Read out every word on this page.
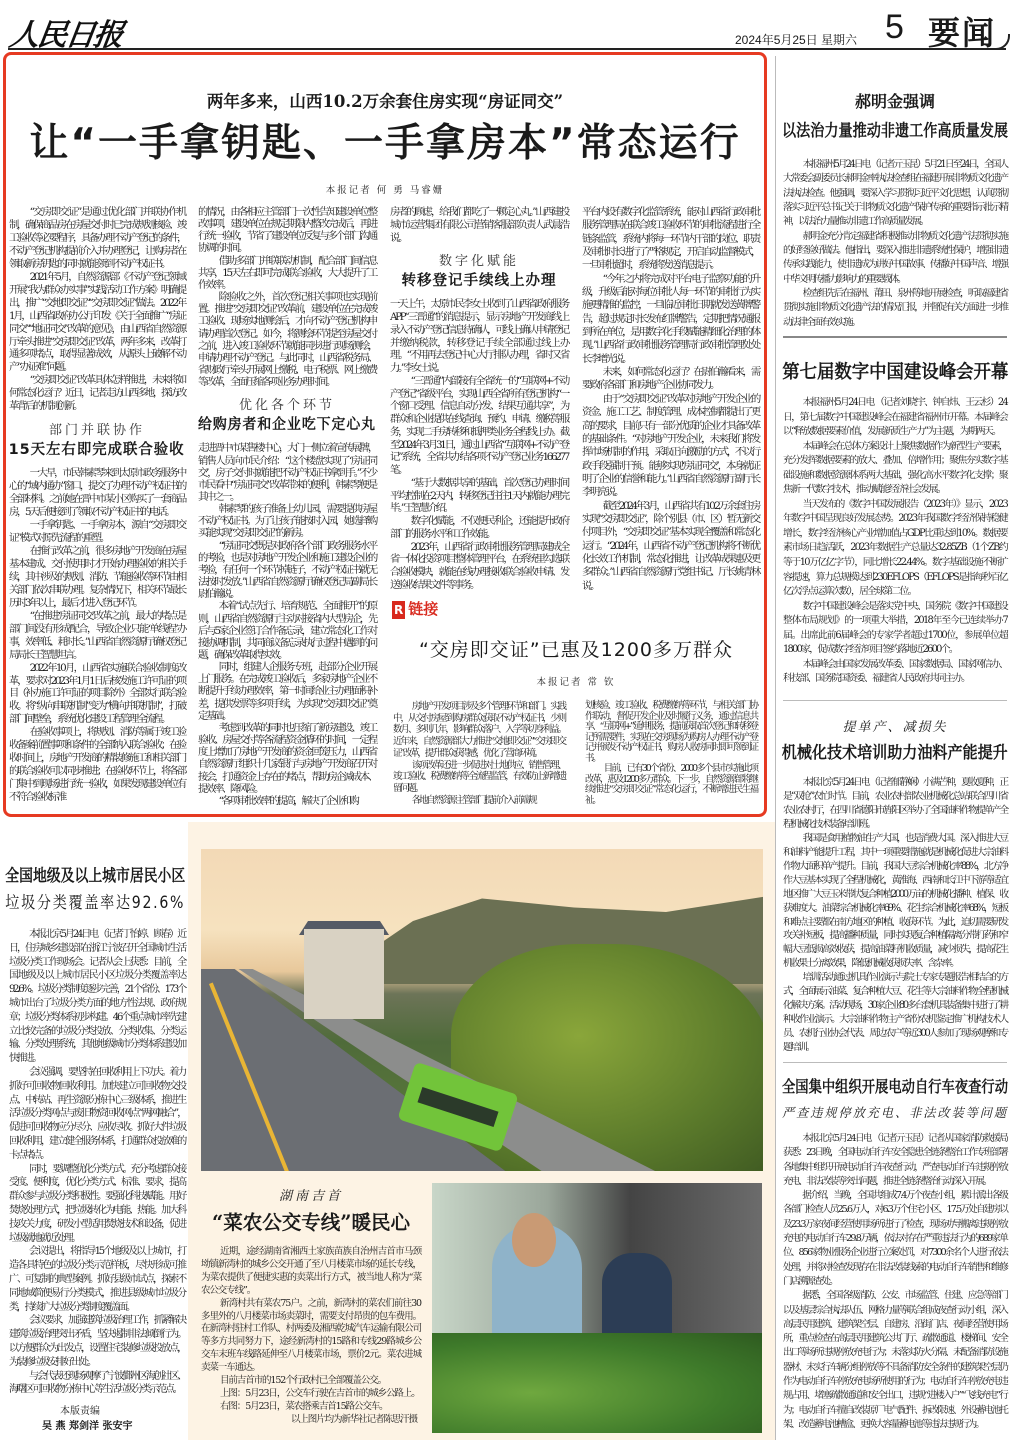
人民日报	2024年5月25日 星期六 5 要闻
两年多来，山西10.2万余套住房实现“房证同交”
让“一手拿钥匙、一手拿房本”常态运行
本报记者 何 勇 马睿姗

“交房即交证”是通过优化部门并联协作机制，确保商品房在房屋交付时已完成规划核验、竣工验收等必要程序，具备办理不动产登记的条件，不动产登记机构提前介入并办理登记，让购房者在领取新房钥匙的同时就能领到不动产权证书。

2021年5月，自然资源部《不动产登记领域开展“我为群众办实事”实践活动工作方案》明确提出，推广“交地即交证”“交房即交证”做法。2022年1月，山西省政府办公厅印发《关于全面推广“房证同交”“地证同交”改革的意见》，由山西省自然资源厅牵头推进“交房即交证”改革，两年多来，改革打通多项堵点，取得显著成效，从源头上破解不动产“办证难”问题。

“交房即交证”改革具体怎样推进，未来将如何常态化运行？近日，记者走访山西多地，探访改革背后的机制创新。

部门并联协作
15天左右即完成联合验收

一大早，市民韩素琴来到太原市政务服务中心的“域内通办”窗口，提交了办理不动产权证书的全部材料。之前她在晋中市某小区购买了一套商品房，5天后便接到了领取不动产权证书的电话。

一手拿钥匙、一手拿房本，源自“交房即交证”模式对原先流程的重塑。

在推行改革之前，很多房地产开发商在房屋基本建成、交付使用时才开始办理验收的相关手续，其中涉及的规划、消防、节能验收等环节由相关部门依次串联办理。复杂情况下，相关环节最长历时3年以上，最后才进入登记环节。

“在推进‘房证同交’改革之前，最大的堵点是部门间没有形成配合，导致企业只能‘单线程’办事，效率低、耗时长。”山西省自然资源厅确权登记局局长王智慧坦言。

2022年10月，山西省实施联合验收制度改革，要求对2023年1月1日后核发施工许可证的项目（补办施工许可证的项目除外）全部实行联合验收。将“纵向串联机制”变为“横向并联机制”，打破部门间壁垒，系统优化建设工程管理全流程。

在验收事项上，将规划、消防等属于竣工验收备案前置事项和条件的全部纳入联合验收；在验收时间上，房地产开发商的精装修施工和相关部门的联合验收可以同步推进；在验收环节上，将各部门集中到现场进行统一验收，如果发现建设单位有不符合验收标准

的情况，由各相应主管部门一次性告知建设单位整改事项，建设单位在规定期限内整改完成后，再进行统一验收，节省了建设单位反复与多个部门沟通协调的时间。

借助多部门并联联动机制，配合部门间信息共享，15天左右即可完成联合验收，大大提升了工作效率。

除验收之外，首次登记相关事项也实现前置。推进“交房即交证”改革前，建设单位在完成竣工验收、现场实地测绘后，才向不动产登记机构申请办理首次登记。如今，将测绘环节提至房屋交付之前，进入竣工验收环节就能同步进行现场测绘，申请办理不动产登记。与此同时，山西省税务局、省财政厅牵头开展网上缴税、电子税票、网上缴费等改革，全面压缩各项业务办理时间。

优化各个环节
给购房者和企业吃下定心丸

走进晋中市某售楼中心，大门一侧立着宣传展牌，销售人员向市民介绍：“这个楼盘实现了‘房证同交’，房子交付时就能把不动产权证书拿到手。”不少市民看中“房证同交”改革带来的便利，韩素琴便是其中之一。

韩素琴的孩子准备上幼儿园，需要提供房屋不动产权证书。为了让孩子能按时入园，她选择购买能实现“交房即交证”的新房。

“‘房证同交’既是对政府各个部门政务服务水平的考验，也是对房地产开发企业和施工建设企业的考验，有任何一个环节掉链子，不动产权证书就无法按时发放。”山西省自然资源厅确权登记局副局长尉伯瀚说。

本着“试点先行、培育规范、全面推开”的原则，山西省自然资源厅主动对接省内大型房企，先后与5家企业签订合作备忘录，建立常态化工作对接协调机制，共同商议备忘录执行过程中遇到的问题，确保改革取得实效。

同时，组建人企服务专班，赴部分企业开展上门服务。在完成竣工验收后，多家房地产企业不断提升手续办理效率，第一时间给业主办理面积补差，提供发票等多项手续，为实现“交房即交证”奠定基础。

考虑到改革的同时也压缩了新房建设、竣工验收、房屋交付等各流程资金循环的时间，一定程度上增加了房地产开发商的资金回笼压力，山西省自然资源厅组织十几家银行与房地产开发商召开对接会，打通资金上存在的堵点，帮助房企减成本、提效率、降风险。

“各项审批效率的提高，解决了企业和购

房者的顾虑，给我们都吃了一颗定心丸。”山西建投城市运营集团有限公司营销客服部负责人武晨浩说。

数字化赋能
转移登记手续线上办理

一天上午，太原市民李女士收到了山西省政府服务APP“三晋通”的消息提示，显示房地产开发商线上录入不动产登记信息待确认，可线上确认申请登记并缴纳税款，转移登记手续全部通过线上办理。“不用再去登记中心大厅排队办理，省时又省力。”李女士说。

“三晋通”内部接有全省统一的“互联网+不动产登记”省级平台，实现山西全省所有登记机构“一个窗口受理、信息自动分发、结果互通共享”，为群众和企业提供在线查询、预约、申请、缴税等服务，实现二手房转移和抵押类业务全程线上办。截至2024年3月31日，通过山西省“互联网+不动产登记”系统，全省共办结各项不动产登记业务166277笔。

“基于大数据共享的基础，首次登记办理时间平均控制在2天内，转移登记往往1天内就能办理完毕。”王智慧介绍。

数字化赋能，不仅便民利企，还能提升政府部门的服务水平和工作效能。

2023年，山西省行政审批服务管理局建成全省一体化投资项目整体管理平台，在系统里勾选联合验收模块，就能在线办理接收联合验收申请、发送验收结果文件等事务。

平台内设有数字化监管系统，能对山西省行政审批服务管理局在联合竣工验收环节的审批流程进行全链条监管，系统内将每一环节内干部的岗位、职责及审批时长进行了严格规定，开启自动监督模式，一旦审批超时，系统将发送消息提示。

“今年之内将完成对平台电子监察功能的升级，升级后能对每位审批人每一环节的审批行为实施更精准的监控，一旦临近审批日期就发送黄牌警告，超过规定时长发布红牌警告，定期把情况通报到所在单位，是用数字化手段赋能精细化治理的体现。”山西省行政审批服务管理局行政审批管理处处长李增光说。

未来，如何常态化运行？在尉伯瀚看来，需要政府各部门和房地产企业协同发力。

由于“交房即交证”改革对房地产开发企业的资金、施工工艺、制度管理、成本控制都提出了更高的要求，目前只有一部分优质的企业才具备改革的基础条件。“对房地产开发企业，未来我们将发挥市场机制的作用，采取正向激励的方式，不以行政手段强制干预。能够实现‘房证同交’，本身就证明了企业的信誉和能力。”山西省自然资源厅副厅长李明亮说。

截至2024年3月，山西省共有10.2万余套住房实现“交房即交证”，除个别县（市、区）暂无新交付项目外，“交房即交证”基本实现全覆盖和常态化运行。“2024年，山西省不动产登记机构将不断优化长效工作机制，常态化推进，让改革成果惠及更多群众。”山西省自然资源厅党组书记、厅长姚青林说。

R 链接
“交房即交证”已惠及1200多万群众
本报记者 常 钦

房地产开发项目涉及多个管理环节和部门。实践中，从交付房屋到购房群众获取不动产权证书，少则数月、多则几年，影响群众落户、入学等切身利益。近年来，自然资源部大力推进“交地即交证”“交房即交证”改革，提升群众获得感，优化了营商环境。

该项改革还进一步促进对土地供应、销售管理、竣工验收、税费缴纳等全流程监管，有效防止新增遗留问题。

各地自然资源主管部门提前介入前端规

划核验、竣工验收、税费缴纳等环节，与相关部门协作联动，督促开发企业及时履行义务，通过信息共享、“互联网+”延伸服务，提前获取首次登记和转移登记所需要件，实现在交房现场为购房人办理不动产登记并颁发不动产权证书，购房人收房同时即可领到证书。

目前，已有30个省份、2000多个县市实施此项改革，惠及1200多万群众。下一步，自然资源部将继续推进“交房即交证”常态化运行，不断增进民生福祉。

郝明金强调
以法治力量推动非遗工作高质量发展

本报福州5月24日电 （记者亓玉昆）5月21日至24日，全国人大常委会副委员长郝明金率执法检查组在福建开展非物质文化遗产法执法检查。他强调，要深入学习贯彻习近平文化思想，认真贯彻落实习近平总书记关于非物质文化遗产保护传承的重要指示批示精神，以法治力量推动非遗工作高质量发展。

郝明金充分肯定福建省积极推动非物质文化遗产法贯彻实施的好经验好做法。他指出，要深入推进非遗系统性保护，增强非遗传承实践能力，使非遗成为讲好中国故事、传播好中国声音、增强中华文明传播力影响力的重要载体。

检查组先后在福州、莆田、泉州等地开展检查，听取福建省贯彻实施非物质文化遗产法的情况汇报，并督促有关方面进一步推动法律全面有效实施。

第七届数字中国建设峰会开幕

本报福州5月24日电 （记者刘晓宇、钟自炜、王云杉）24日，第七届数字中国建设峰会在福建省福州市开幕。本届峰会以“释放数据要素价值，发展新质生产力”为主题，为期两天。

本届峰会在总体方案设计上聚焦数据作为新型生产要素，充分发挥数据要素的放大、叠加、倍增作用；聚焦夯实数字基础设施和数据资源体系两大基础，强化高水平数字化支撑；聚焦新一代数字技术，推动赋能经济社会发展。

当天发布的《数字中国发展报告（2023年）》显示，2023年数字中国呈现良好发展态势。2023年我国数字经济保持稳健增长，数字经济核心产业增加值占GDP比重达到10%。数据要素市场日趋活跃，2023年数据生产总量达32.85ZB（1个ZB约等于10万亿亿字节），同比增长22.44%。数字基础设施不断扩容提速，算力总规模达到230EFLOPS（EFLOPS是指每秒百亿亿次浮点运算次数），居全球第二位。

数字中国建设峰会是落实党中央、国务院《数字中国建设整体布局规划》的一项重大举措，2018年至今已连续举办7届。出席此前6届峰会的专家学者超过1700位，参展单位超1800家，促成数字经济项目签约落地近2600个。

本届峰会由国家发展改革委、国家数据局、国家网信办、科技部、国务院国资委、福建省人民政府共同主办。

提单产、减损失
机械化技术培训助力油料产能提升

本报北京5月24日电 （记者郁静娴）小满芒种，夏收夏种，正是“双抢”农忙时节。目前，农业农村部农业机械化总站联合四川省农业农村厅，在四川省德阳市旌阳区举办了全国油料作物提单产全程机械化技术装备培训班。

我国是食用植物油生产大国，也是消费大国。深入推进大豆和油料产能提升工程，其中一项重要措施就是机械化促进大宗油料作物大面积单产提升。目前，我国大豆综合机械化率88%，北方净作大豆基本实现了全程机械化，黄淮海、西南和长江中下游等适宜地区推广大豆玉米带状复合种植2000万亩的机械化播种、植保、收获难度大。油菜综合机械化率69%、花生综合机械化率68%，短板和难点主要都在南方地区的种植、收获环节。为此，迫切需要研发攻关补短板，提高播种质量，同时实现复合种植隔离分带打药和窄幅大豆低损高效收获，提高油菜籽机收质量，减少损失，提高花生机收果土分离效果，降低机械收获损失率、含杂率。

培训活动通过机具作业演示与院士专家专题报告相结合的方式，全面展示油菜、复合种植大豆、花生等大宗油料作物全程机械化解决方案。活动现场，30家企业80多台套机具装备集中进行了耕种收作业演示。大宗油料作物主产省份农机鉴定推广机构技术人员、农机行业协会代表、周边农户等近300人参加了现场观摩和专题培训。

全国集中组织开展电动自行车夜查行动
严查违规停放充电、非法改装等问题

本报北京5月24日电 （记者亓玉昆）记者从国家消防救援局获悉：23日晚，全国电动自行车安全隐患全链条整治工作专班部署各地集中组织开展电动自行车夜查行动，严查电动自行车违规停放充电、非法改装等突出问题，推进全链条整治行动深入开展。

据介绍，当晚，全国共组成7.4万个夜查小组，累计派出各级各部门检查人员25.6万人，对6.3万个住宅小区、17.5万处自建房以及23.3万家夜间经营使用场所进行了检查，现场劝导搬离违规停放充电的电动自行车29.8万辆，依法对存在严重违法行为的689家单位、856家物业服务企业进行立案处罚，对7300余名个人进行依法处理，并将对检查发现存在非法改装线索的电动自行车销售和维修门店溯源查处。

据悉，全国各级消防、公安、市场监管、住建、应急等部门以及基层综合执法队伍、网格力量等联合组成夜查行动小组，深入高层民用建筑、建筑架空层、自建房、沿街门店、夜间经营使用场所，重点检查在高层民用建筑公共门厅、疏散通道、楼梯间、安全出口等场所违规停放充电行为；未落实防火分隔、未配备消防设施器材、未实行车辆分组停放等不具备消防安全条件的建筑架空层仍作为电动自行车停放充电场所使用的行为；电动自行车停放充电违规占用、堵塞疏散通道和安全出口，违规“进楼入户”“飞线充电”行为；电动自行车擅自改装原厂电气配件、拆改限速、外设蓄电池托架、改造蓄电池槽盒、更换大容量蓄电池等违法违规行为。

全国地级及以上城市居民小区
垃圾分类覆盖率达92.6%

本报北京5月24日电 （记者丁怡婷、顾春）近日，住房城乡建设部在浙江宁波召开全国城市生活垃圾分类工作现场会。记者从会上获悉：目前，全国地级及以上城市居民小区垃圾分类覆盖率达92.6%。垃圾分类制度逐步完善，21个省份、173个城市出台了垃圾分类方面的地方性法规、政府规章；垃圾分类体系初步构建。46个重点城市率先建立比较完备的垃圾分类投放、分类收集、分类运输、分类处理系统，其他地级城市分类体系建设加快推进。

会议强调，要坚持在回收利用上下功夫。着力抓好可回收物回收利用。加快建立可回收物交投点、中转站、再生资源分拣中心三级体系，推进生活垃圾分类网点与废旧物资回收网点“两网融合”，促进可回收物应分尽分、应收尽收。抓好大件垃圾回收利用，建立健全服务体系，打通群众投放难的卡点堵点。

同时，要调整优化分类方式。充分考虑群众接受度、便利度，优化分类方式、标准、要求，提高群众参与垃圾分类积极性。要强化科技赋能。用好焚烧处理方式，把垃圾转化为电能、热能。加大科技攻关力度，研发小型适用焚烧技术和设备，促进垃圾就地就近处理。

会议提出，将指导15个地级及以上城市，打造各具特色的垃圾分类示范样板，尽快形成可推广、可复制的典型案例。抓好县级市试点，探索不同地域简便易行分类模式，推进县级城市垃圾分类，持续扩大垃圾分类制度覆盖面。

会议要求，加强建筑垃圾治理工作，抓紧解决建筑垃圾治理突出矛盾，坚决遏制非法倾倒行为。以方便群众为出发点，设置住宅装修垃圾投放点，为装修垃圾安排好出处。

与会代表还现场观摩了宁波鄞州区海创社区、海曙区可回收物分拣中心等生活垃圾分类示范点。

本版责编
吴 燕 郑剑洋 张安宇
湖南吉首
“菜农公交专线”暖民心

近期，途经湖南省湘西土家族苗族自治州吉首市马颈坳镇新湾村的城乡公交开通了至八月楼菜市场的延长专线，为菜农提供了便捷实惠的卖菜出行方式，被当地人称为“菜农公交专线”。

新湾村共有菜农75户。之前，新湾村的菜农们前往30多里外的八月楼菜市场卖菜时，需要支付昂贵的包车费用。在新湾村驻村工作队、村两委及湘西乾城汽车运输有限公司等多方共同努力下，途经新湾村的15路和专线29路城乡公交车末班车线路延伸至八月楼菜市场，票价2元。菜农进城卖菜一车通达。

目前吉首市的152个行政村已全部覆盖公交。

上图：5月23日，公交车行驶在吉首市的城乡公路上。

右图：5月23日，菜农搭乘吉首15路公交车。

以上图片均为新华社记者陈思汗摄
